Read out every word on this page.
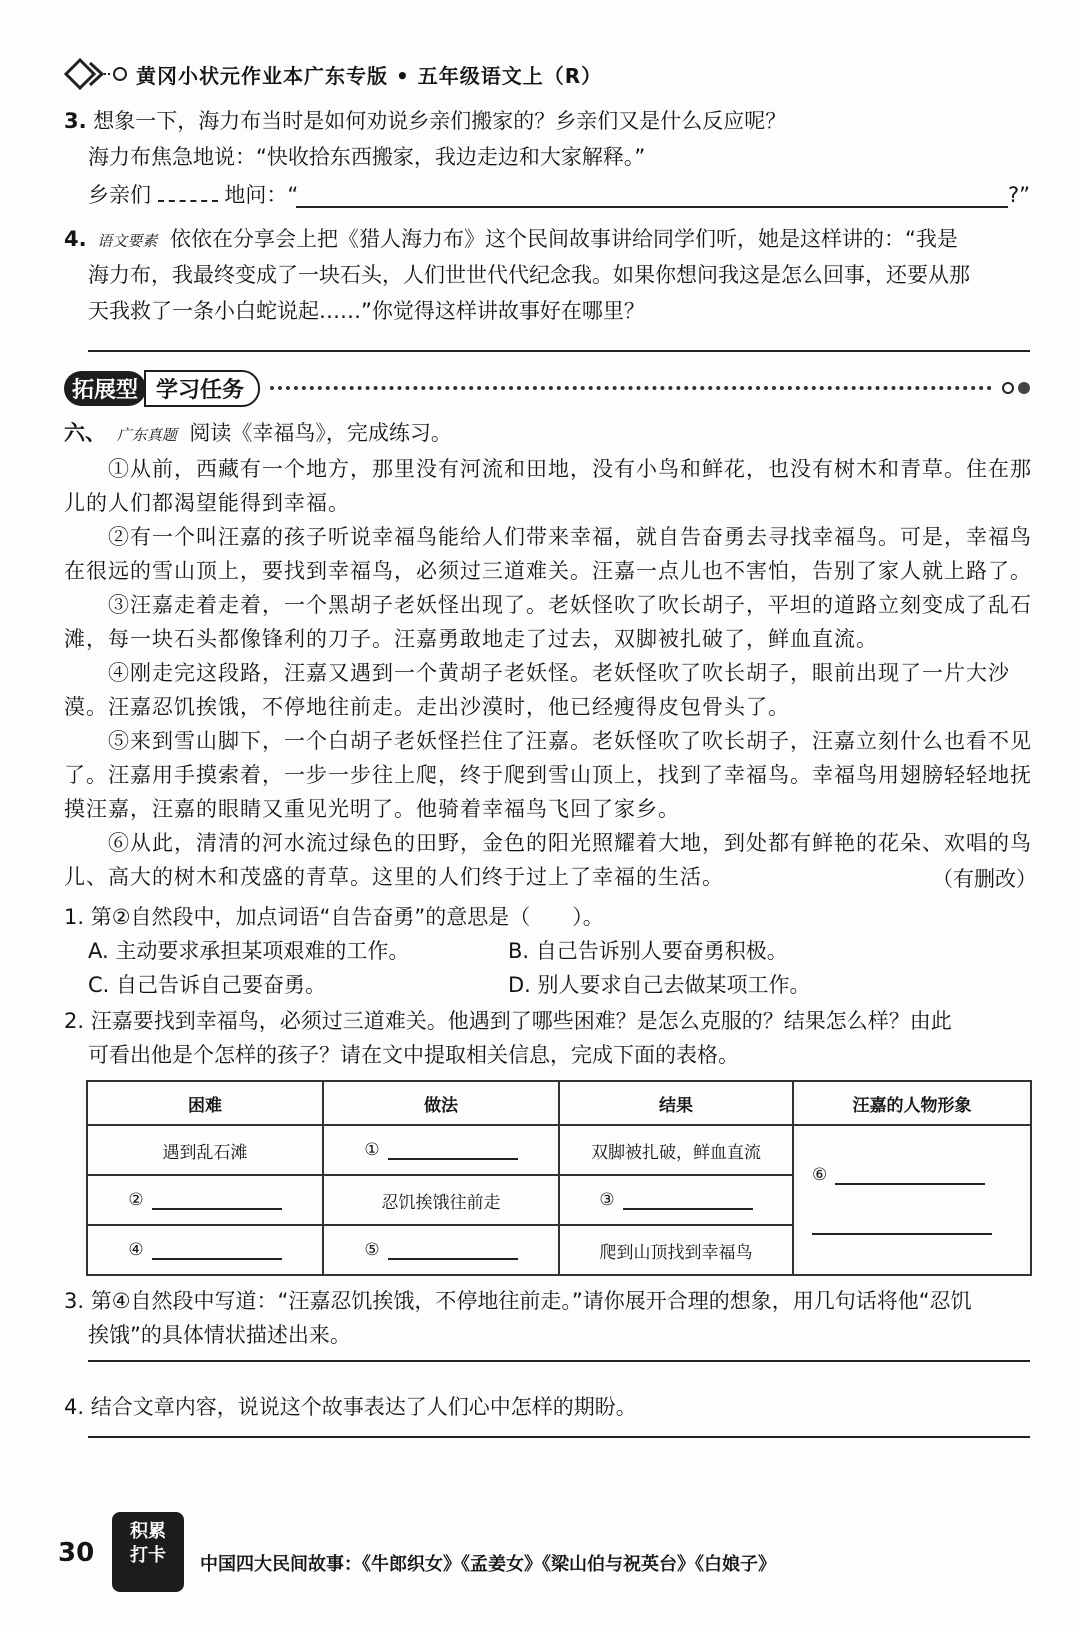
黄冈小状元作业本广东专版 • 五年级语文上（R）
3. 想象一下，海力布当时是如何劝说乡亲们搬家的？乡亲们又是什么反应呢？
海力布焦急地说：“快收拾东西搬家，我边走边和大家解释。”
乡亲们	地问：“	?”
4. 语文要素 依依在分享会上把《猎人海力布》这个民间故事讲给同学们听，她是这样讲的：“我是
海力布，我最终变成了一块石头，人们世世代代纪念我。如果你想问我这是怎么回事，还要从那
天我救了一条小白蛇说起……”你觉得这样讲故事好在哪里？
拓展型 学习任务
六、 广东真题 阅读《幸福鸟》，完成练习。
①从前，西藏有一个地方，那里没有河流和田地，没有小鸟和鲜花，也没有树木和青草。住在那儿的人们都渴望能得到幸福。
②有一个叫汪嘉的孩子听说幸福鸟能给人们带来幸福，就自告奋勇去寻找幸福鸟。可是，幸福鸟在很远的雪山顶上，要找到幸福鸟，必须过三道难关。汪嘉一点儿也不害怕，告别了家人就上路了。
③汪嘉走着走着，一个黑胡子老妖怪出现了。老妖怪吹了吹长胡子，平坦的道路立刻变成了乱石滩，每一块石头都像锋利的刀子。汪嘉勇敢地走了过去，双脚被扎破了，鲜血直流。
④刚走完这段路，汪嘉又遇到一个黄胡子老妖怪。老妖怪吹了吹长胡子，眼前出现了一片大沙漠。汪嘉忍饥挨饿，不停地往前走。走出沙漠时，他已经瘦得皮包骨头了。
⑤来到雪山脚下，一个白胡子老妖怪拦住了汪嘉。老妖怪吹了吹长胡子，汪嘉立刻什么也看不见了。汪嘉用手摸索着，一步一步往上爬，终于爬到雪山顶上，找到了幸福鸟。幸福鸟用翅膀轻轻地抚摸汪嘉，汪嘉的眼睛又重见光明了。他骑着幸福鸟飞回了家乡。
⑥从此，清清的河水流过绿色的田野，金色的阳光照耀着大地，到处都有鲜艳的花朵、欢唱的鸟儿、高大的树木和茂盛的青草。这里的人们终于过上了幸福的生活。	（有删改）
1. 第②自然段中，加点词语“自告奋勇”的意思是（　　）。
A. 主动要求承担某项艰难的工作。	B. 自己告诉别人要奋勇积极。
C. 自己告诉自己要奋勇。	D. 别人要求自己去做某项工作。
2. 汪嘉要找到幸福鸟，必须过三道难关。他遇到了哪些困难？是怎么克服的？结果怎么样？由此
可看出他是个怎样的孩子？请在文中提取相关信息，完成下面的表格。
困难	做法	结果	汪嘉的人物形象
遇到乱石滩	①	双脚被扎破，鲜血直流	⑥

②	忍饥挨饿往前走	③	
④	⑤	爬到山顶找到幸福鸟	
3. 第④自然段中写道：“汪嘉忍饥挨饿，不停地往前走。”请你展开合理的想象，用几句话将他“忍饥
挨饿”的具体情状描述出来。
4. 结合文章内容，说说这个故事表达了人们心中怎样的期盼。
30
积累
打卡	中国四大民间故事：《牛郎织女》《孟姜女》《梁山伯与祝英台》《白娘子》
